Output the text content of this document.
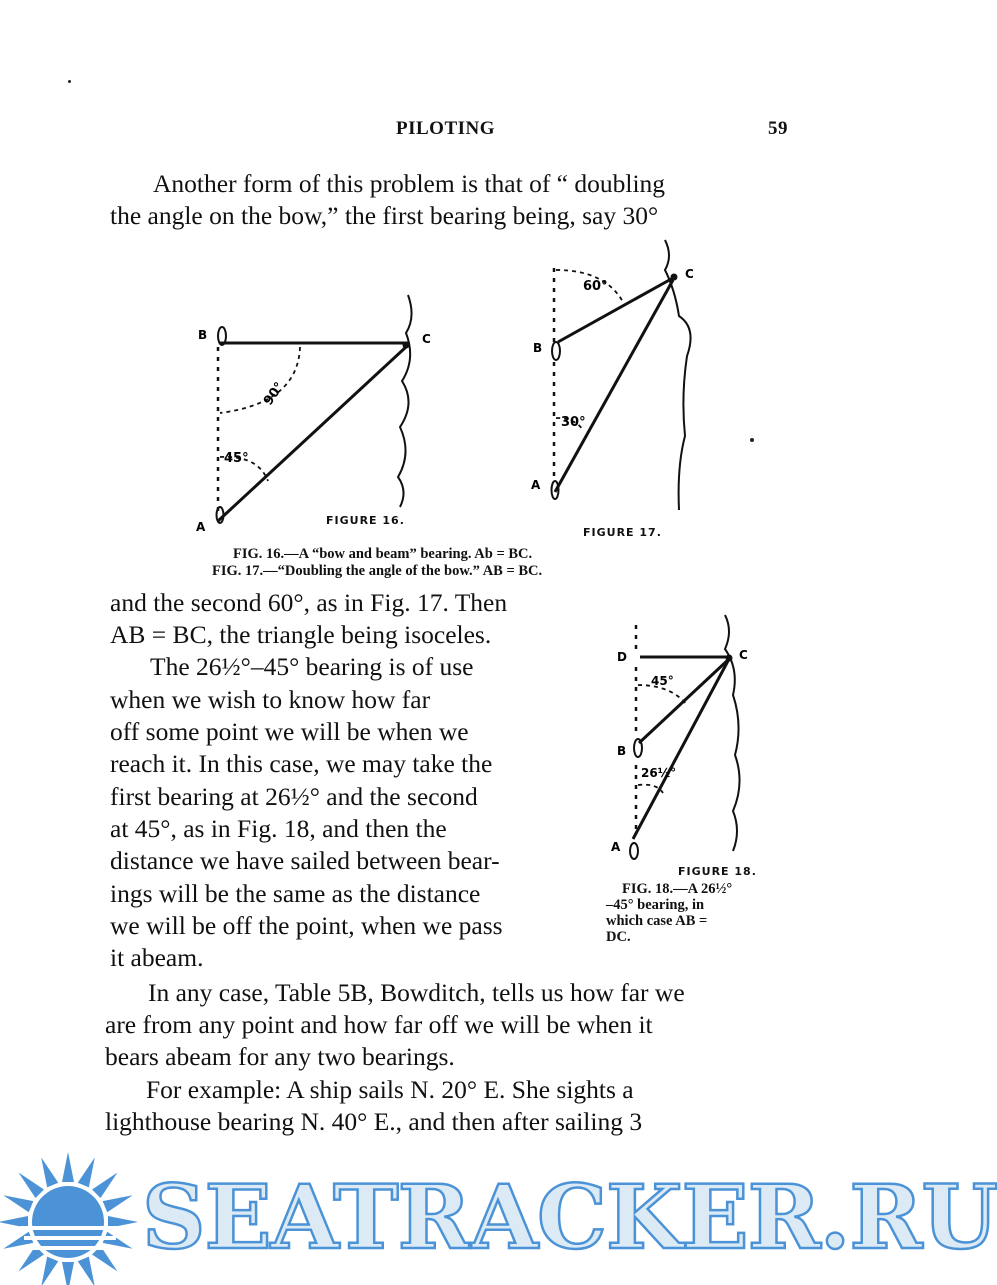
PILOTING	59
Another form of this problem is that of “ doubling
the angle on the bow,” the first bearing being, say 30°
B	C
A
90°
45°
FIGURE 16.
B
C
A
60°
30°
FIGURE 17.
FIG. 16.—A “bow and beam” bearing. Ab = BC.
FIG. 17.—“Doubling the angle of the bow.” AB = BC.
and the second 60°, as in Fig. 17. Then
AB = BC, the triangle being isoceles.
The 26½°–45° bearing is of use
when we wish to know how far
off some point we will be when we
reach it. In this case, we may take the
first bearing at 26½° and the second
at 45°, as in Fig. 18, and then the
distance we have sailed between bear-
ings will be the same as the distance
we will be off the point, when we pass
it abeam.
D	C
B
A
45°
26½°
FIGURE 18.
FIG. 18.—A 26½°
–45° bearing, in
which case AB =
DC.
In any case, Table 5B, Bowditch, tells us how far we
are from any point and how far off we will be when it
bears abeam for any two bearings.
For example: A ship sails N. 20° E. She sights a
lighthouse bearing N. 40° E., and then after sailing 3
SEATRACKER.RU
